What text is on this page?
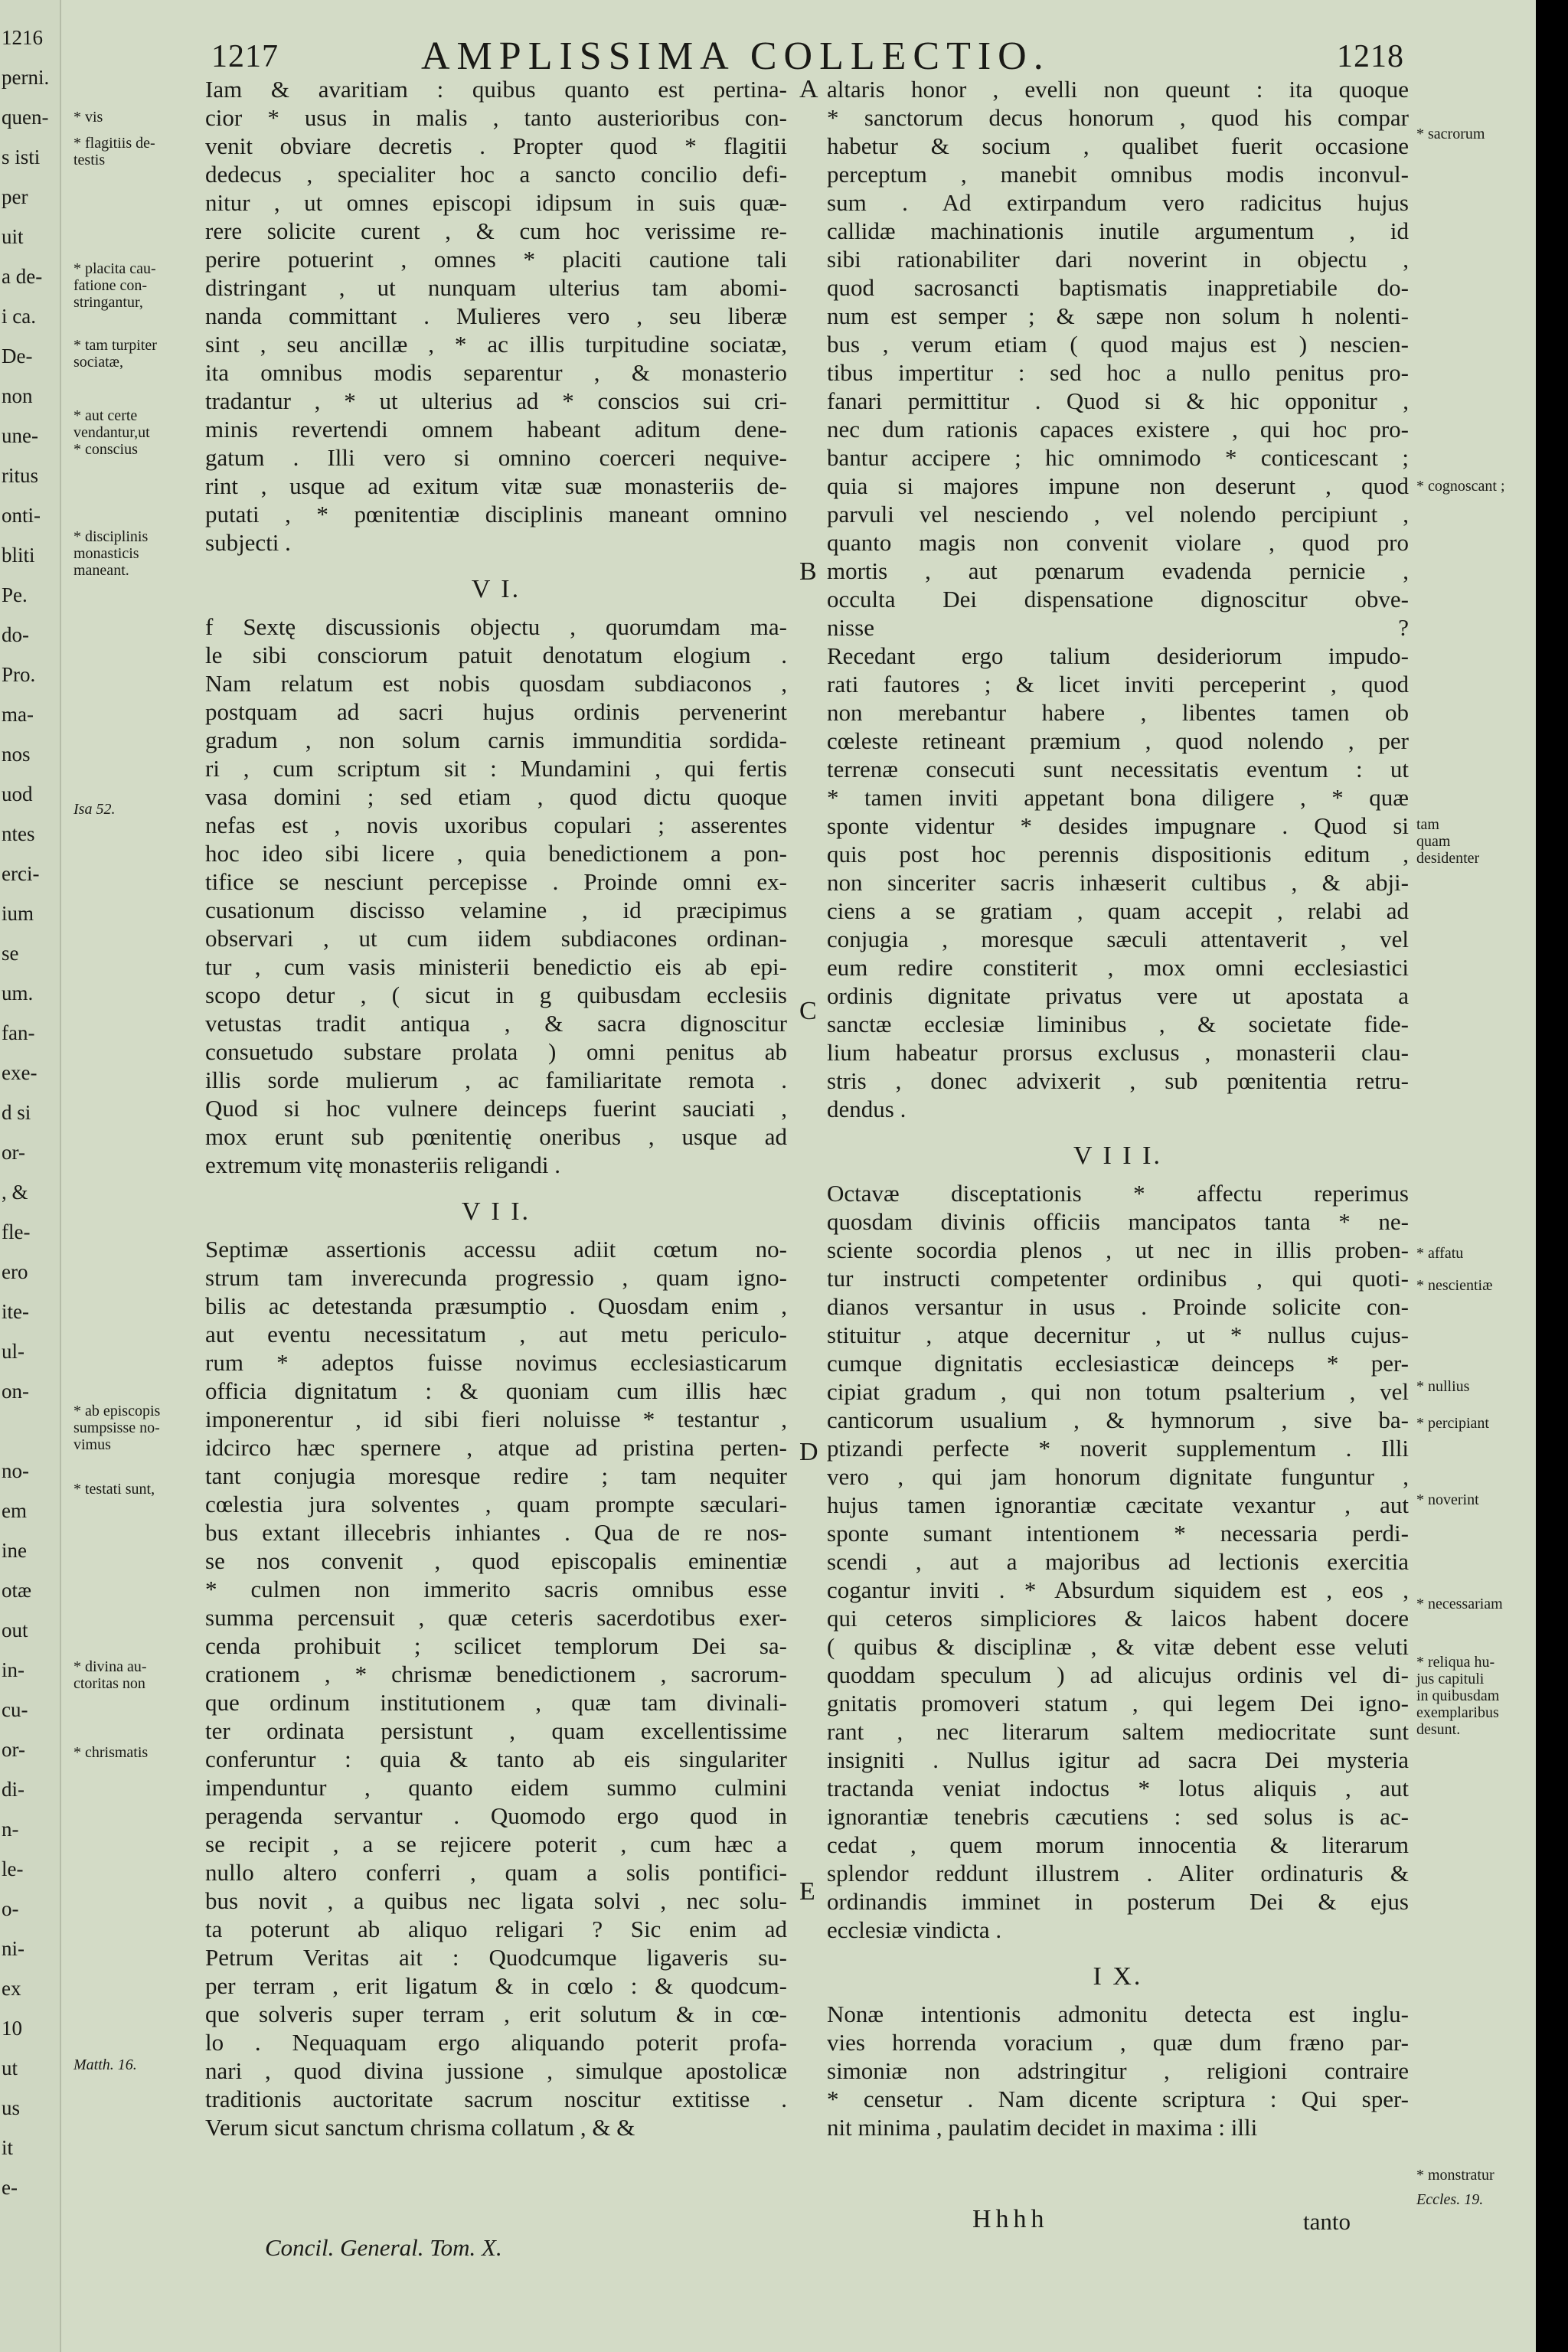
1216
perni.
quen-
s isti
per
uit
a de-
i ca.
De-
non
une-
ritus
onti-
bliti
Pe.
do-
Pro.
ma-
nos
uod
ntes
erci-
ium
se
um.
fan-
exe-
d si
or-
, &
fle-
ero
ite-
ul-
on-
no-
em
ine
otæ
out
in-
cu-
or-
di-
n-
le-
o-
ni-
ex
10
ut
us
it
e-
1217	AMPLISSIMA COLLECTIO.	1218
Iam & avaritiam : quibus quanto est pertina-
cior * usus in malis , tanto austerioribus con-
venit obviare decretis . Propter quod * flagitii
dedecus , specialiter hoc a sancto concilio defi-
nitur , ut omnes episcopi idipsum in suis quæ-
rere solicite curent , & cum hoc verissime re-
perire potuerint , omnes * placiti cautione tali
distringant , ut nunquam ulterius tam abomi-
nanda committant . Mulieres vero , seu liberæ
sint , seu ancillæ , * ac illis turpitudine sociatæ,
ita omnibus modis separentur , & monasterio
tradantur , * ut ulterius ad * conscios sui cri-
minis revertendi omnem habeant aditum dene-
gatum . Illi vero si omnino coerceri nequive-
rint , usque ad exitum vitæ suæ monasteriis de-
putati , * pœnitentiæ disciplinis maneant omnino
subjecti .
V I.
f Sextę discussionis objectu , quorumdam ma-
le sibi consciorum patuit denotatum elogium .
Nam relatum est nobis quosdam subdiaconos ,
postquam ad sacri hujus ordinis pervenerint
gradum , non solum carnis immunditia sordida-
ri , cum scriptum sit : Mundamini , qui fertis
vasa domini ; sed etiam , quod dictu quoque
nefas est , novis uxoribus copulari ; asserentes
hoc ideo sibi licere , quia benedictionem a pon-
tifice se nesciunt percepisse . Proinde omni ex-
cusationum discisso velamine , id præcipimus
observari , ut cum iidem subdiacones ordinan-
tur , cum vasis ministerii benedictio eis ab epi-
scopo detur , ( sicut in g quibusdam ecclesiis
vetustas tradit antiqua , & sacra dignoscitur
consuetudo substare prolata ) omni penitus ab
illis sorde mulierum , ac familiaritate remota .
Quod si hoc vulnere deinceps fuerint sauciati ,
mox erunt sub pœnitentię oneribus , usque ad
extremum vitę monasteriis religandi .
V I I.
Septimæ assertionis accessu adiit cœtum no-
strum tam inverecunda progressio , quam igno-
bilis ac detestanda præsumptio . Quosdam enim ,
aut eventu necessitatum , aut metu periculo-
rum * adeptos fuisse novimus ecclesiasticarum
officia dignitatum : & quoniam cum illis hæc
imponerentur , id sibi fieri noluisse * testantur ,
idcirco hæc spernere , atque ad pristina perten-
tant conjugia moresque redire ; tam nequiter
cœlestia jura solventes , quam prompte sæculari-
bus extant illecebris inhiantes . Qua de re nos-
se nos convenit , quod episcopalis eminentiæ
* culmen non immerito sacris omnibus esse
summa percensuit , quæ ceteris sacerdotibus exer-
cenda prohibuit ; scilicet templorum Dei sa-
crationem , * chrismæ benedictionem , sacrorum-
que ordinum institutionem , quæ tam divinali-
ter ordinata persistunt , quam excellentissime
conferuntur : quia & tanto ab eis singulariter
impenduntur , quanto eidem summo culmini
peragenda servantur . Quomodo ergo quod in
se recipit , a se rejicere poterit , cum hæc a
nullo altero conferri , quam a solis pontifici-
bus novit , a quibus nec ligata solvi , nec solu-
ta poterunt ab aliquo religari ? Sic enim ad
Petrum Veritas ait : Quodcumque ligaveris su-
per terram , erit ligatum & in cœlo : & quodcum-
que solveris super terram , erit solutum & in cœ-
lo . Nequaquam ergo aliquando poterit profa-
nari , quod divina jussione , simulque apostolicæ
traditionis auctoritate sacrum noscitur extitisse .
Verum sicut sanctum chrisma collatum , & &
altaris honor , evelli non queunt : ita quoque
* sanctorum decus honorum , quod his compar
habetur & socium , qualibet fuerit occasione
perceptum , manebit omnibus modis inconvul-
sum . Ad extirpandum vero radicitus hujus
callidæ machinationis inutile argumentum , id
sibi rationabiliter dari noverint in objectu ,
quod sacrosancti baptismatis inappretiabile do-
num est semper ; & sæpe non solum h nolenti-
bus , verum etiam ( quod majus est ) nescien-
tibus impertitur : sed hoc a nullo penitus pro-
fanari permittitur . Quod si & hic opponitur ,
nec dum rationis capaces existere , qui hoc pro-
bantur accipere ; hic omnimodo * conticescant ;
quia si majores impune non deserunt , quod
parvuli vel nesciendo , vel nolendo percipiunt ,
quanto magis non convenit violare , quod pro
mortis , aut pœnarum evadenda pernicie ,
occulta Dei dispensatione dignoscitur obve-
nisse ?
Recedant ergo talium desideriorum impudo-
rati fautores ; & licet inviti perceperint , quod
non merebantur habere , libentes tamen ob
cœleste retineant præmium , quod nolendo , per
terrenæ consecuti sunt necessitatis eventum : ut
* tamen inviti appetant bona diligere , * quæ
sponte videntur * desides impugnare . Quod si
quis post hoc perennis dispositionis editum ,
non sinceriter sacris inhæserit cultibus , & abji-
ciens a se gratiam , quam accepit , relabi ad
conjugia , moresque sæculi attentaverit , vel
eum redire constiterit , mox omni ecclesiastici
ordinis dignitate privatus vere ut apostata a
sanctæ ecclesiæ liminibus , & societate fide-
lium habeatur prorsus exclusus , monasterii clau-
stris , donec advixerit , sub pœnitentia retru-
dendus .
V I I I.
Octavæ disceptationis * affectu reperimus
quosdam divinis officiis mancipatos tanta * ne-
sciente socordia plenos , ut nec in illis proben-
tur instructi competenter ordinibus , qui quoti-
dianos versantur in usus . Proinde solicite con-
stituitur , atque decernitur , ut * nullus cujus-
cumque dignitatis ecclesiasticæ deinceps * per-
cipiat gradum , qui non totum psalterium , vel
canticorum usualium , & hymnorum , sive ba-
ptizandi perfecte * noverit supplementum . Illi
vero , qui jam honorum dignitate funguntur ,
hujus tamen ignorantiæ cæcitate vexantur , aut
sponte sumant intentionem * necessaria perdi-
scendi , aut a majoribus ad lectionis exercitia
cogantur inviti . * Absurdum siquidem est , eos ,
qui ceteros simpliciores & laicos habent docere
( quibus & disciplinæ , & vitæ debent esse veluti
quoddam speculum ) ad alicujus ordinis vel di-
gnitatis promoveri statum , qui legem Dei igno-
rant , nec literarum saltem mediocritate sunt
insigniti . Nullus igitur ad sacra Dei mysteria
tractanda veniat indoctus * lotus aliquis , aut
ignorantiæ tenebris cæcutiens : sed solus is ac-
cedat , quem morum innocentia & literarum
splendor reddunt illustrem . Aliter ordinaturis &
ordinandis imminet in posterum Dei & ejus
ecclesiæ vindicta .
I X.
Nonæ intentionis admonitu detecta est inglu-
vies horrenda voracium , quæ dum fræno par-
simoniæ non adstringitur , religioni contraire
* censetur . Nam dicente scriptura : Qui sper-
nit minima , paulatim decidet in maxima : illi
A
B
C
D
E
* vis
* flagitiis de-
testis
* placita cau-
fatione con-
stringantur,
* tam turpiter
sociatæ,
* aut certe
vendantur,ut
* conscius
* disciplinis
monasticis
maneant.
Isa 52.
* ab episcopis
sumpsisse no-
vimus
* testati sunt,
* divina au-
ctoritas non
* chrismatis
Matth. 16.
* sacrorum
* cognoscant ;
tam
quam
desidenter
* affatu
* nescientiæ
* nullius
* percipiant
* noverint
* necessariam
* reliqua hu-
jus capituli
in quibusdam
exemplaribus
desunt.
* monstratur
Eccles. 19.
Hhhh	tanto
Concil. General. Tom. X.
